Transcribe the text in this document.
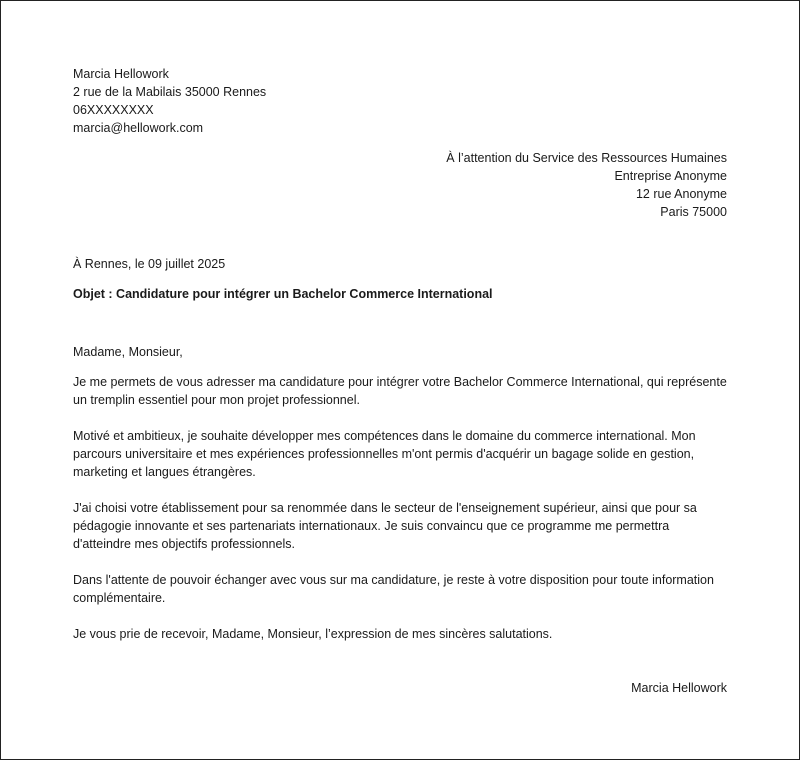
Marcia Hellowork
2 rue de la Mabilais 35000 Rennes
06XXXXXXXX
marcia@hellowork.com
À l’attention du Service des Ressources Humaines
Entreprise Anonyme
12 rue Anonyme
Paris 75000
À Rennes, le 09 juillet 2025
Objet : Candidature pour intégrer un Bachelor Commerce International
Madame, Monsieur,

Je me permets de vous adresser ma candidature pour intégrer votre Bachelor Commerce International, qui représente un tremplin essentiel pour mon projet professionnel.

Motivé et ambitieux, je souhaite développer mes compétences dans le domaine du commerce international. Mon parcours universitaire et mes expériences professionnelles m'ont permis d'acquérir un bagage solide en gestion, marketing et langues étrangères.

J'ai choisi votre établissement pour sa renommée dans le secteur de l'enseignement supérieur, ainsi que pour sa pédagogie innovante et ses partenariats internationaux. Je suis convaincu que ce programme me permettra d'atteindre mes objectifs professionnels.

Dans l'attente de pouvoir échanger avec vous sur ma candidature, je reste à votre disposition pour toute information complémentaire.

Je vous prie de recevoir, Madame, Monsieur, l’expression de mes sincères salutations.

Marcia Hellowork
